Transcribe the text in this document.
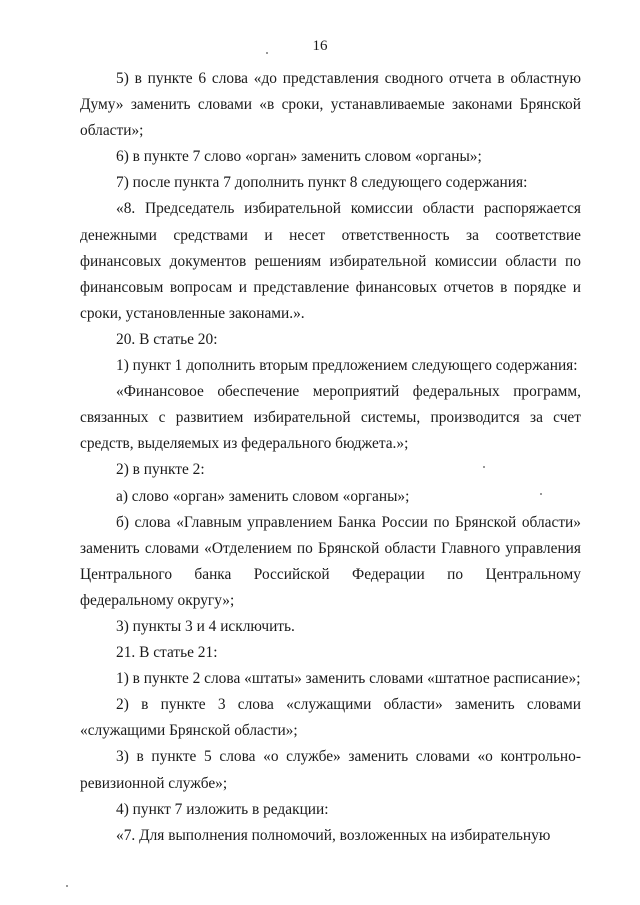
16

5) в пункте 6 слова «до представления сводного отчета в областную Думу» заменить словами «в сроки, устанавливаемые законами Брянской области»;

6) в пункте 7 слово «орган» заменить словом «органы»;

7) после пункта 7 дополнить пункт 8 следующего содержания:

«8. Председатель избирательной комиссии области распоряжается денежными средствами и несет ответственность за соответствие финансовых документов решениям избирательной комиссии области по финансовым вопросам и представление финансовых отчетов в порядке и сроки, установленные законами.».

20. В статье 20:

1) пункт 1 дополнить вторым предложением следующего содержания:

«Финансовое обеспечение мероприятий федеральных программ, связанных с развитием избирательной системы, производится за счет средств, выделяемых из федерального бюджета.»;

2) в пункте 2:

а) слово «орган» заменить словом «органы»;

б) слова «Главным управлением Банка России по Брянской области» заменить словами «Отделением по Брянской области Главного управления Центрального банка Российской Федерации по Центральному федеральному округу»;

3) пункты 3 и 4 исключить.

21. В статье 21:

1) в пункте 2 слова «штаты» заменить словами «штатное расписание»;

2) в пункте 3 слова «служащими области» заменить словами «служащими Брянской области»;

3) в пункте 5 слова «о службе» заменить словами «о контрольно-ревизионной службе»;

4) пункт 7 изложить в редакции:

«7. Для выполнения полномочий, возложенных на избирательную
